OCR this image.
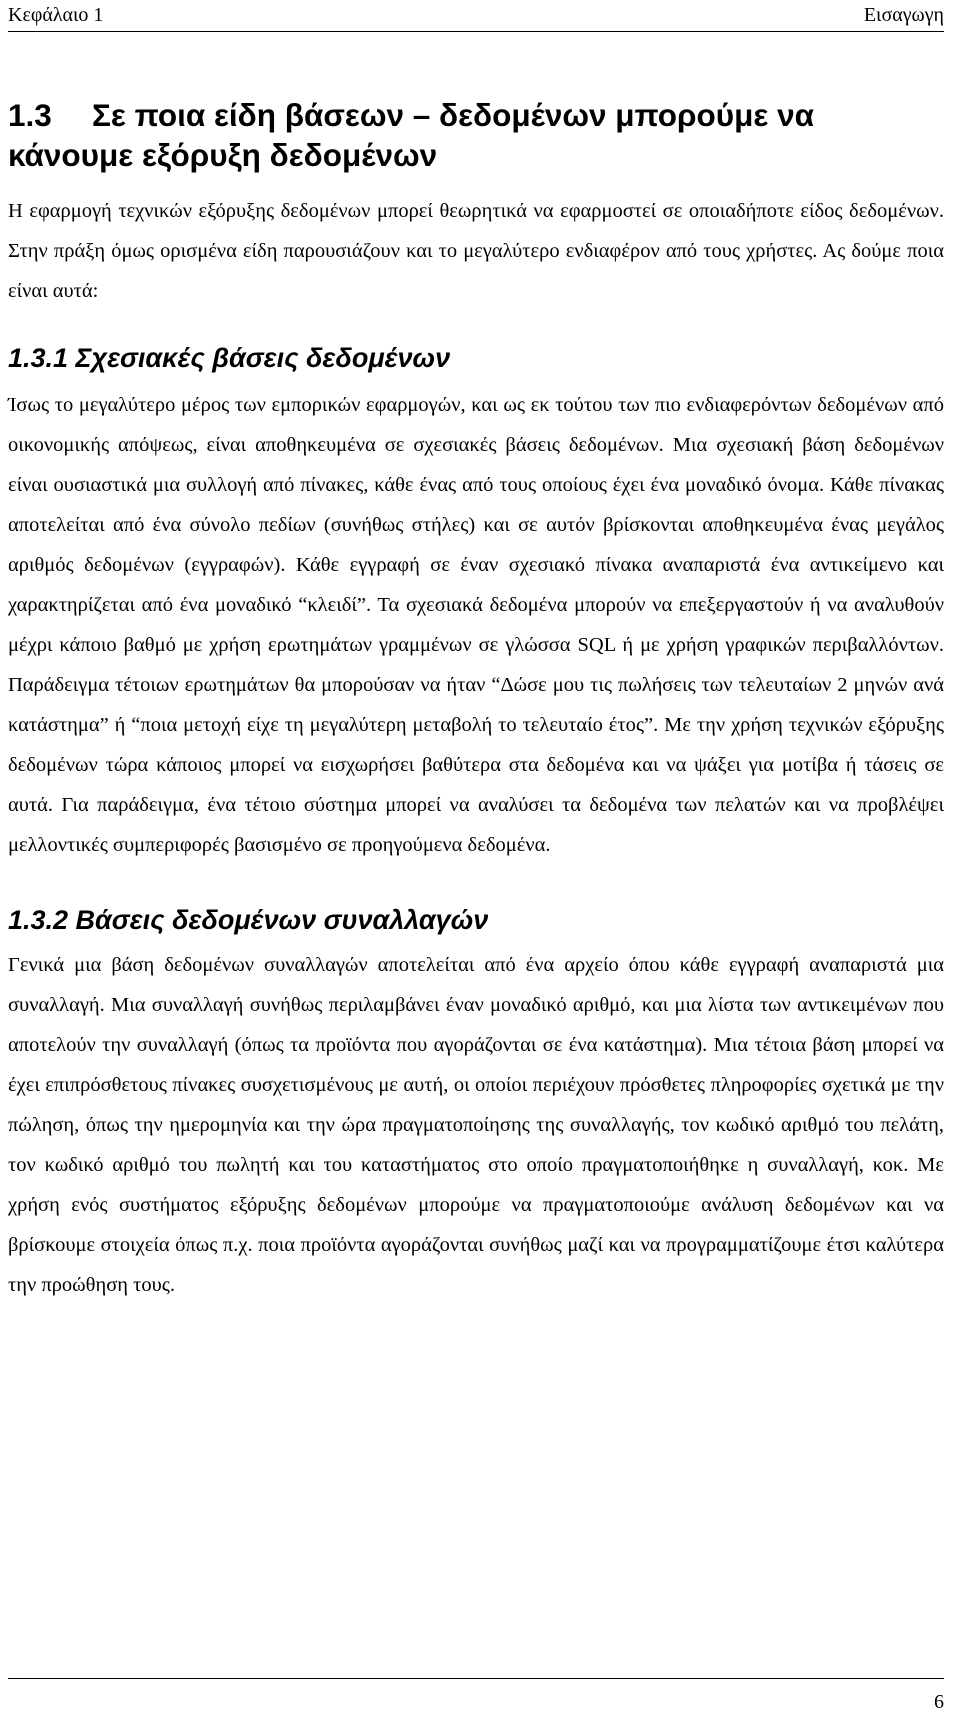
Κεφάλαιο 1	Εισαγωγη
1.3	Σε ποια είδη βάσεων – δεδομένων μπορούμε να
κάνουμε εξόρυξη δεδομένων

Η εφαρμογή τεχνικών εξόρυξης δεδομένων μπορεί θεωρητικά να εφαρμοστεί σε οποιαδήποτε είδος δεδομένων. Στην πράξη όμως ορισμένα είδη παρουσιάζουν και το μεγαλύτερο ενδιαφέρον από τους χρήστες. Ας δούμε ποια είναι αυτά:

1.3.1 Σχεσιακές βάσεις δεδομένων

Ίσως το μεγαλύτερο μέρος των εμπορικών εφαρμογών, και ως εκ τούτου των πιο ενδιαφερόντων δεδομένων από οικονομικής απόψεως, είναι αποθηκευμένα σε σχεσιακές βάσεις δεδομένων. Μια σχεσιακή βάση δεδομένων είναι ουσιαστικά μια συλλογή από πίνακες, κάθε ένας από τους οποίους έχει ένα μοναδικό όνομα. Κάθε πίνακας αποτελείται από ένα σύνολο πεδίων (συνήθως στήλες) και σε αυτόν βρίσκονται αποθηκευμένα ένας μεγάλος αριθμός δεδομένων (εγγραφών). Κάθε εγγραφή σε έναν σχεσιακό πίνακα αναπαριστά ένα αντικείμενο και χαρακτηρίζεται από ένα μοναδικό “κλειδί”. Τα σχεσιακά δεδομένα μπορούν να επεξεργαστούν ή να αναλυθούν μέχρι κάποιο βαθμό με χρήση ερωτημάτων γραμμένων σε γλώσσα SQL ή με χρήση γραφικών περιβαλλόντων. Παράδειγμα τέτοιων ερωτημάτων θα μπορούσαν να ήταν “Δώσε μου τις πωλήσεις των τελευταίων 2 μηνών ανά κατάστημα” ή “ποια μετοχή είχε τη μεγαλύτερη μεταβολή το τελευταίο έτος”. Με την χρήση τεχνικών εξόρυξης δεδομένων τώρα κάποιος μπορεί να εισχωρήσει βαθύτερα στα δεδομένα και να ψάξει για μοτίβα ή τάσεις σε αυτά. Για παράδειγμα, ένα τέτοιο σύστημα μπορεί να αναλύσει τα δεδομένα των πελατών και να προβλέψει μελλοντικές συμπεριφορές βασισμένο σε προηγούμενα δεδομένα.

1.3.2 Βάσεις δεδομένων συναλλαγών

Γενικά μια βάση δεδομένων συναλλαγών αποτελείται από ένα αρχείο όπου κάθε εγγραφή αναπαριστά μια συναλλαγή. Μια συναλλαγή συνήθως περιλαμβάνει έναν μοναδικό αριθμό, και μια λίστα των αντικειμένων που αποτελούν την συναλλαγή (όπως τα προϊόντα που αγοράζονται σε ένα κατάστημα). Μια τέτοια βάση μπορεί να έχει επιπρόσθετους πίνακες συσχετισμένους με αυτή, οι οποίοι περιέχουν πρόσθετες πληροφορίες σχετικά με την πώληση, όπως την ημερομηνία και την ώρα πραγματοποίησης της συναλλαγής, τον κωδικό αριθμό του πελάτη, τον κωδικό αριθμό του πωλητή και του καταστήματος στο οποίο πραγματοποιήθηκε η συναλλαγή, κοκ. Με χρήση ενός συστήματος εξόρυξης δεδομένων μπορούμε να πραγματοποιούμε ανάλυση δεδομένων και να βρίσκουμε στοιχεία όπως π.χ. ποια προϊόντα αγοράζονται συνήθως μαζί και να προγραμματίζουμε έτσι καλύτερα την προώθηση τους.

6
